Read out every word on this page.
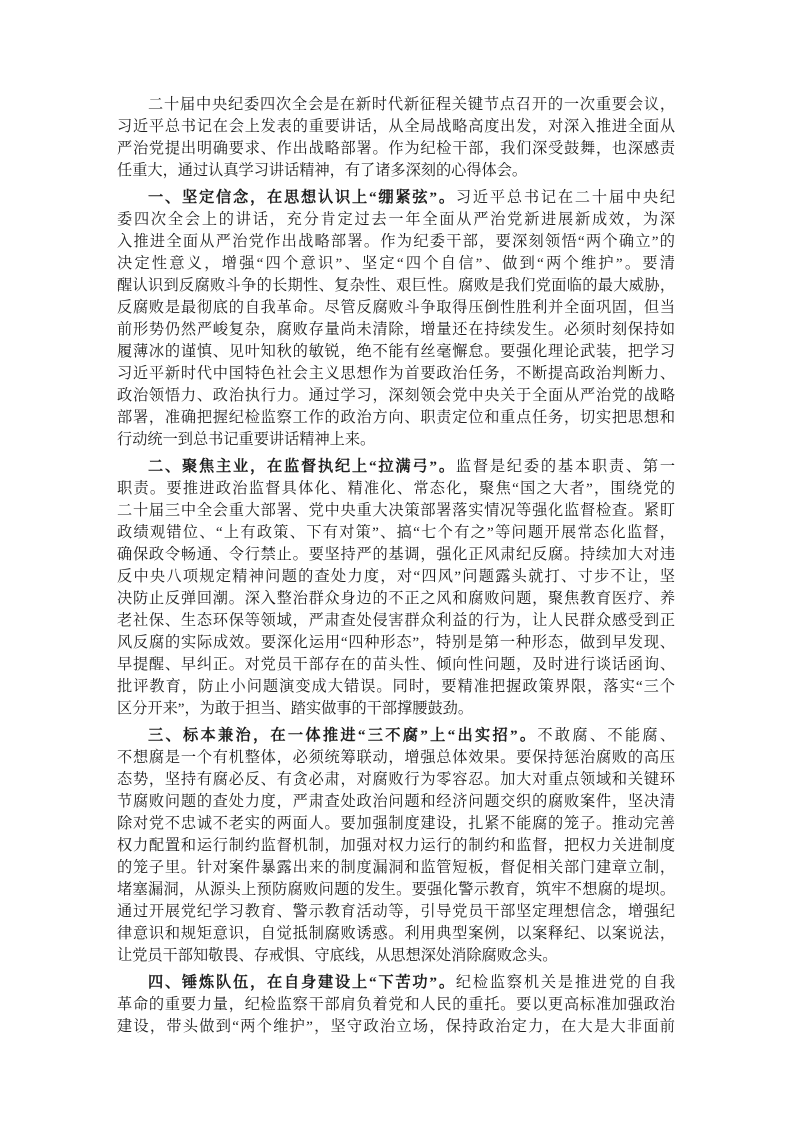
二十届中央纪委四次全会是在新时代新征程关键节点召开的一次重要会议，
习近平总书记在会上发表的重要讲话，从全局战略高度出发，对深入推进全面从
严治党提出明确要求、作出战略部署。作为纪检干部，我们深受鼓舞，也深感责
任重大，通过认真学习讲话精神，有了诸多深刻的心得体会。
一、坚定信念，在思想认识上“绷紧弦”。习近平总书记在二十届中央纪
委四次全会上的讲话，充分肯定过去一年全面从严治党新进展新成效，为深
入推进全面从严治党作出战略部署。作为纪委干部，要深刻领悟“两个确立”的
决定性意义，增强“四个意识”、坚定“四个自信”、做到“两个维护”。要清
醒认识到反腐败斗争的长期性、复杂性、艰巨性。腐败是我们党面临的最大威胁，
反腐败是最彻底的自我革命。尽管反腐败斗争取得压倒性胜利并全面巩固，但当
前形势仍然严峻复杂，腐败存量尚未清除，增量还在持续发生。必须时刻保持如
履薄冰的谨慎、见叶知秋的敏锐，绝不能有丝毫懈怠。要强化理论武装，把学习
习近平新时代中国特色社会主义思想作为首要政治任务，不断提高政治判断力、
政治领悟力、政治执行力。通过学习，深刻领会党中央关于全面从严治党的战略
部署，准确把握纪检监察工作的政治方向、职责定位和重点任务，切实把思想和
行动统一到总书记重要讲话精神上来。
二、聚焦主业，在监督执纪上“拉满弓”。监督是纪委的基本职责、第一
职责。要推进政治监督具体化、精准化、常态化，聚焦“国之大者”，围绕党的
二十届三中全会重大部署、党中央重大决策部署落实情况等强化监督检查。紧盯
政绩观错位、“上有政策、下有对策”、搞“七个有之”等问题开展常态化监督，
确保政令畅通、令行禁止。要坚持严的基调，强化正风肃纪反腐。持续加大对违
反中央八项规定精神问题的查处力度，对“四风”问题露头就打、寸步不让，坚
决防止反弹回潮。深入整治群众身边的不正之风和腐败问题，聚焦教育医疗、养
老社保、生态环保等领域，严肃查处侵害群众利益的行为，让人民群众感受到正
风反腐的实际成效。要深化运用“四种形态”，特别是第一种形态，做到早发现、
早提醒、早纠正。对党员干部存在的苗头性、倾向性问题，及时进行谈话函询、
批评教育，防止小问题演变成大错误。同时，要精准把握政策界限，落实“三个
区分开来”，为敢于担当、踏实做事的干部撑腰鼓劲。
三、标本兼治，在一体推进“三不腐”上“出实招”。不敢腐、不能腐、
不想腐是一个有机整体，必须统筹联动，增强总体效果。要保持惩治腐败的高压
态势，坚持有腐必反、有贪必肃，对腐败行为零容忍。加大对重点领域和关键环
节腐败问题的查处力度，严肃查处政治问题和经济问题交织的腐败案件，坚决清
除对党不忠诚不老实的两面人。要加强制度建设，扎紧不能腐的笼子。推动完善
权力配置和运行制约监督机制，加强对权力运行的制约和监督，把权力关进制度
的笼子里。针对案件暴露出来的制度漏洞和监管短板，督促相关部门建章立制，
堵塞漏洞，从源头上预防腐败问题的发生。要强化警示教育，筑牢不想腐的堤坝。
通过开展党纪学习教育、警示教育活动等，引导党员干部坚定理想信念，增强纪
律意识和规矩意识，自觉抵制腐败诱惑。利用典型案例，以案释纪、以案说法，
让党员干部知敬畏、存戒惧、守底线，从思想深处消除腐败念头。
四、锤炼队伍，在自身建设上“下苦功”。纪检监察机关是推进党的自我
革命的重要力量，纪检监察干部肩负着党和人民的重托。要以更高标准加强政治
建设，带头做到“两个维护”，坚守政治立场，保持政治定力，在大是大非面前
